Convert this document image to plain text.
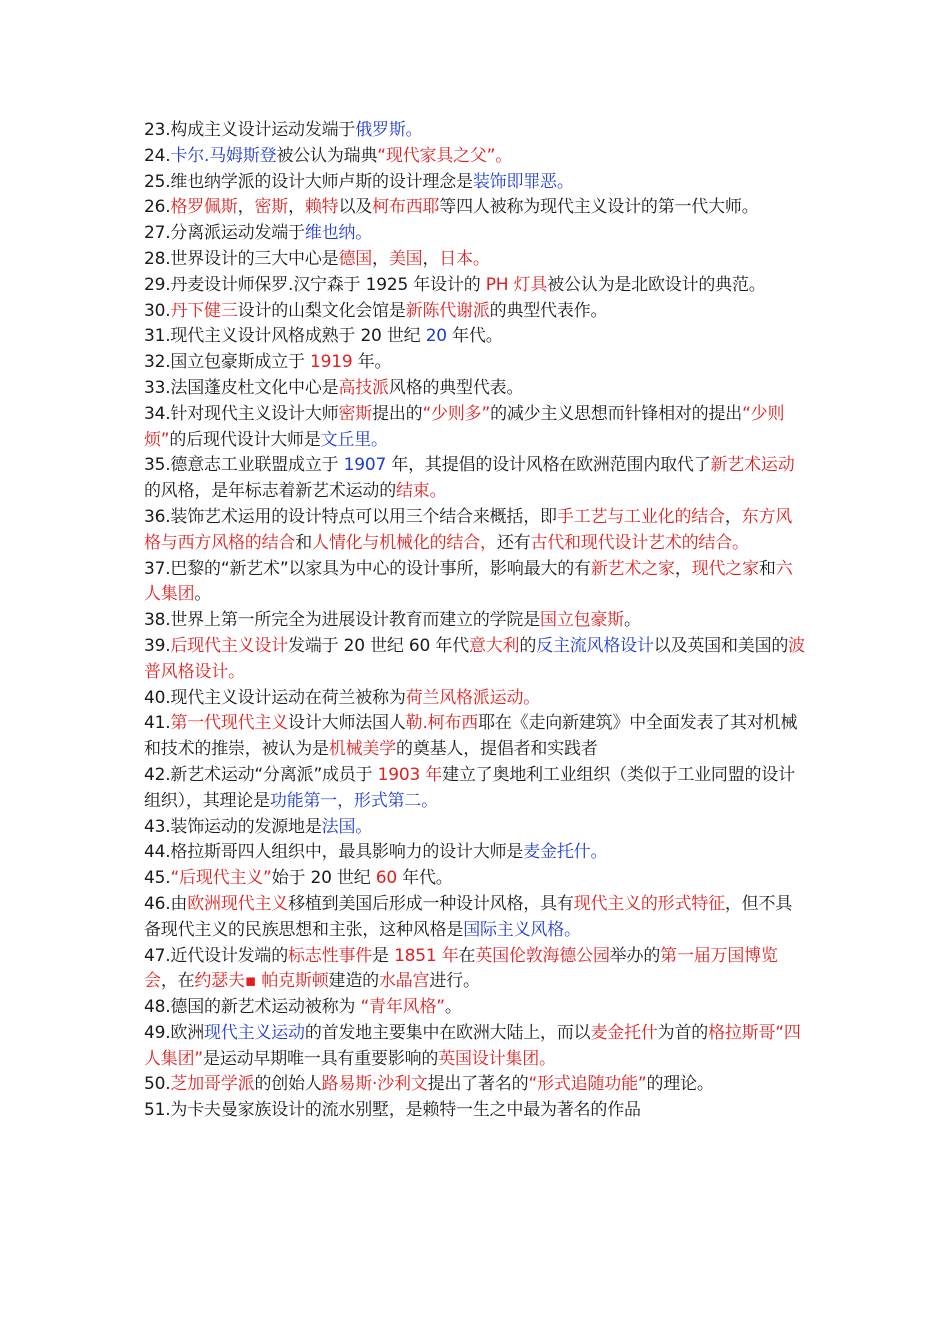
23.构成主义设计运动发端于俄罗斯。

24.卡尔.马姆斯登被公认为瑞典“现代家具之父”。

25.维也纳学派的设计大师卢斯的设计理念是装饰即罪恶。

26.格罗佩斯，密斯，赖特以及柯布西耶等四人被称为现代主义设计的第一代大师。

27.分离派运动发端于维也纳。

28.世界设计的三大中心是德国，美国，日本。

29.丹麦设计师保罗.汉宁森于 1925 年设计的 PH 灯具被公认为是北欧设计的典范。

30.丹下健三设计的山梨文化会馆是新陈代谢派的典型代表作。

31.现代主义设计风格成熟于 20 世纪 20 年代。

32.国立包豪斯成立于 1919 年。

33.法国蓬皮杜文化中心是高技派风格的典型代表。

34.针对现代主义设计大师密斯提出的“少则多”的减少主义思想而针锋相对的提出“少则烦”的后现代设计大师是文丘里。

35.德意志工业联盟成立于 1907 年，其提倡的设计风格在欧洲范围内取代了新艺术运动的风格，是年标志着新艺术运动的结束。

36.装饰艺术运用的设计特点可以用三个结合来概括，即手工艺与工业化的结合，东方风格与西方风格的结合和人情化与机械化的结合，还有古代和现代设计艺术的结合。

37.巴黎的“新艺术”以家具为中心的设计事所，影响最大的有新艺术之家，现代之家和六人集团。

38.世界上第一所完全为进展设计教育而建立的学院是国立包豪斯。

39.后现代主义设计发端于 20 世纪 60 年代意大利的反主流风格设计以及英国和美国的波普风格设计。

40.现代主义设计运动在荷兰被称为荷兰风格派运动。

41.第一代现代主义设计大师法国人勒.柯布西耶在《走向新建筑》中全面发表了其对机械和技术的推崇，被认为是机械美学的奠基人，提倡者和实践者

42.新艺术运动“分离派”成员于 1903 年建立了奥地利工业组织（类似于工业同盟的设计组织），其理论是功能第一，形式第二。

43.装饰运动的发源地是法国。

44.格拉斯哥四人组织中，最具影响力的设计大师是麦金托什。

45.“后现代主义”始于 20 世纪 60 年代。

46.由欧洲现代主义移植到美国后形成一种设计风格，具有现代主义的形式特征，但不具备现代主义的民族思想和主张，这种风格是国际主义风格。

47.近代设计发端的标志性事件是 1851 年在英国伦敦海德公园举办的第一届万国博览会，在约瑟夫▪ 帕克斯顿建造的水晶宫进行。

48.德国的新艺术运动被称为 “青年风格”。

49.欧洲现代主义运动的首发地主要集中在欧洲大陆上，而以麦金托什为首的格拉斯哥“四人集团”是运动早期唯一具有重要影响的英国设计集团。

50.芝加哥学派的创始人路易斯·沙利文提出了著名的“形式追随功能”的理论。

51.为卡夫曼家族设计的流水别墅，是赖特一生之中最为著名的作品
